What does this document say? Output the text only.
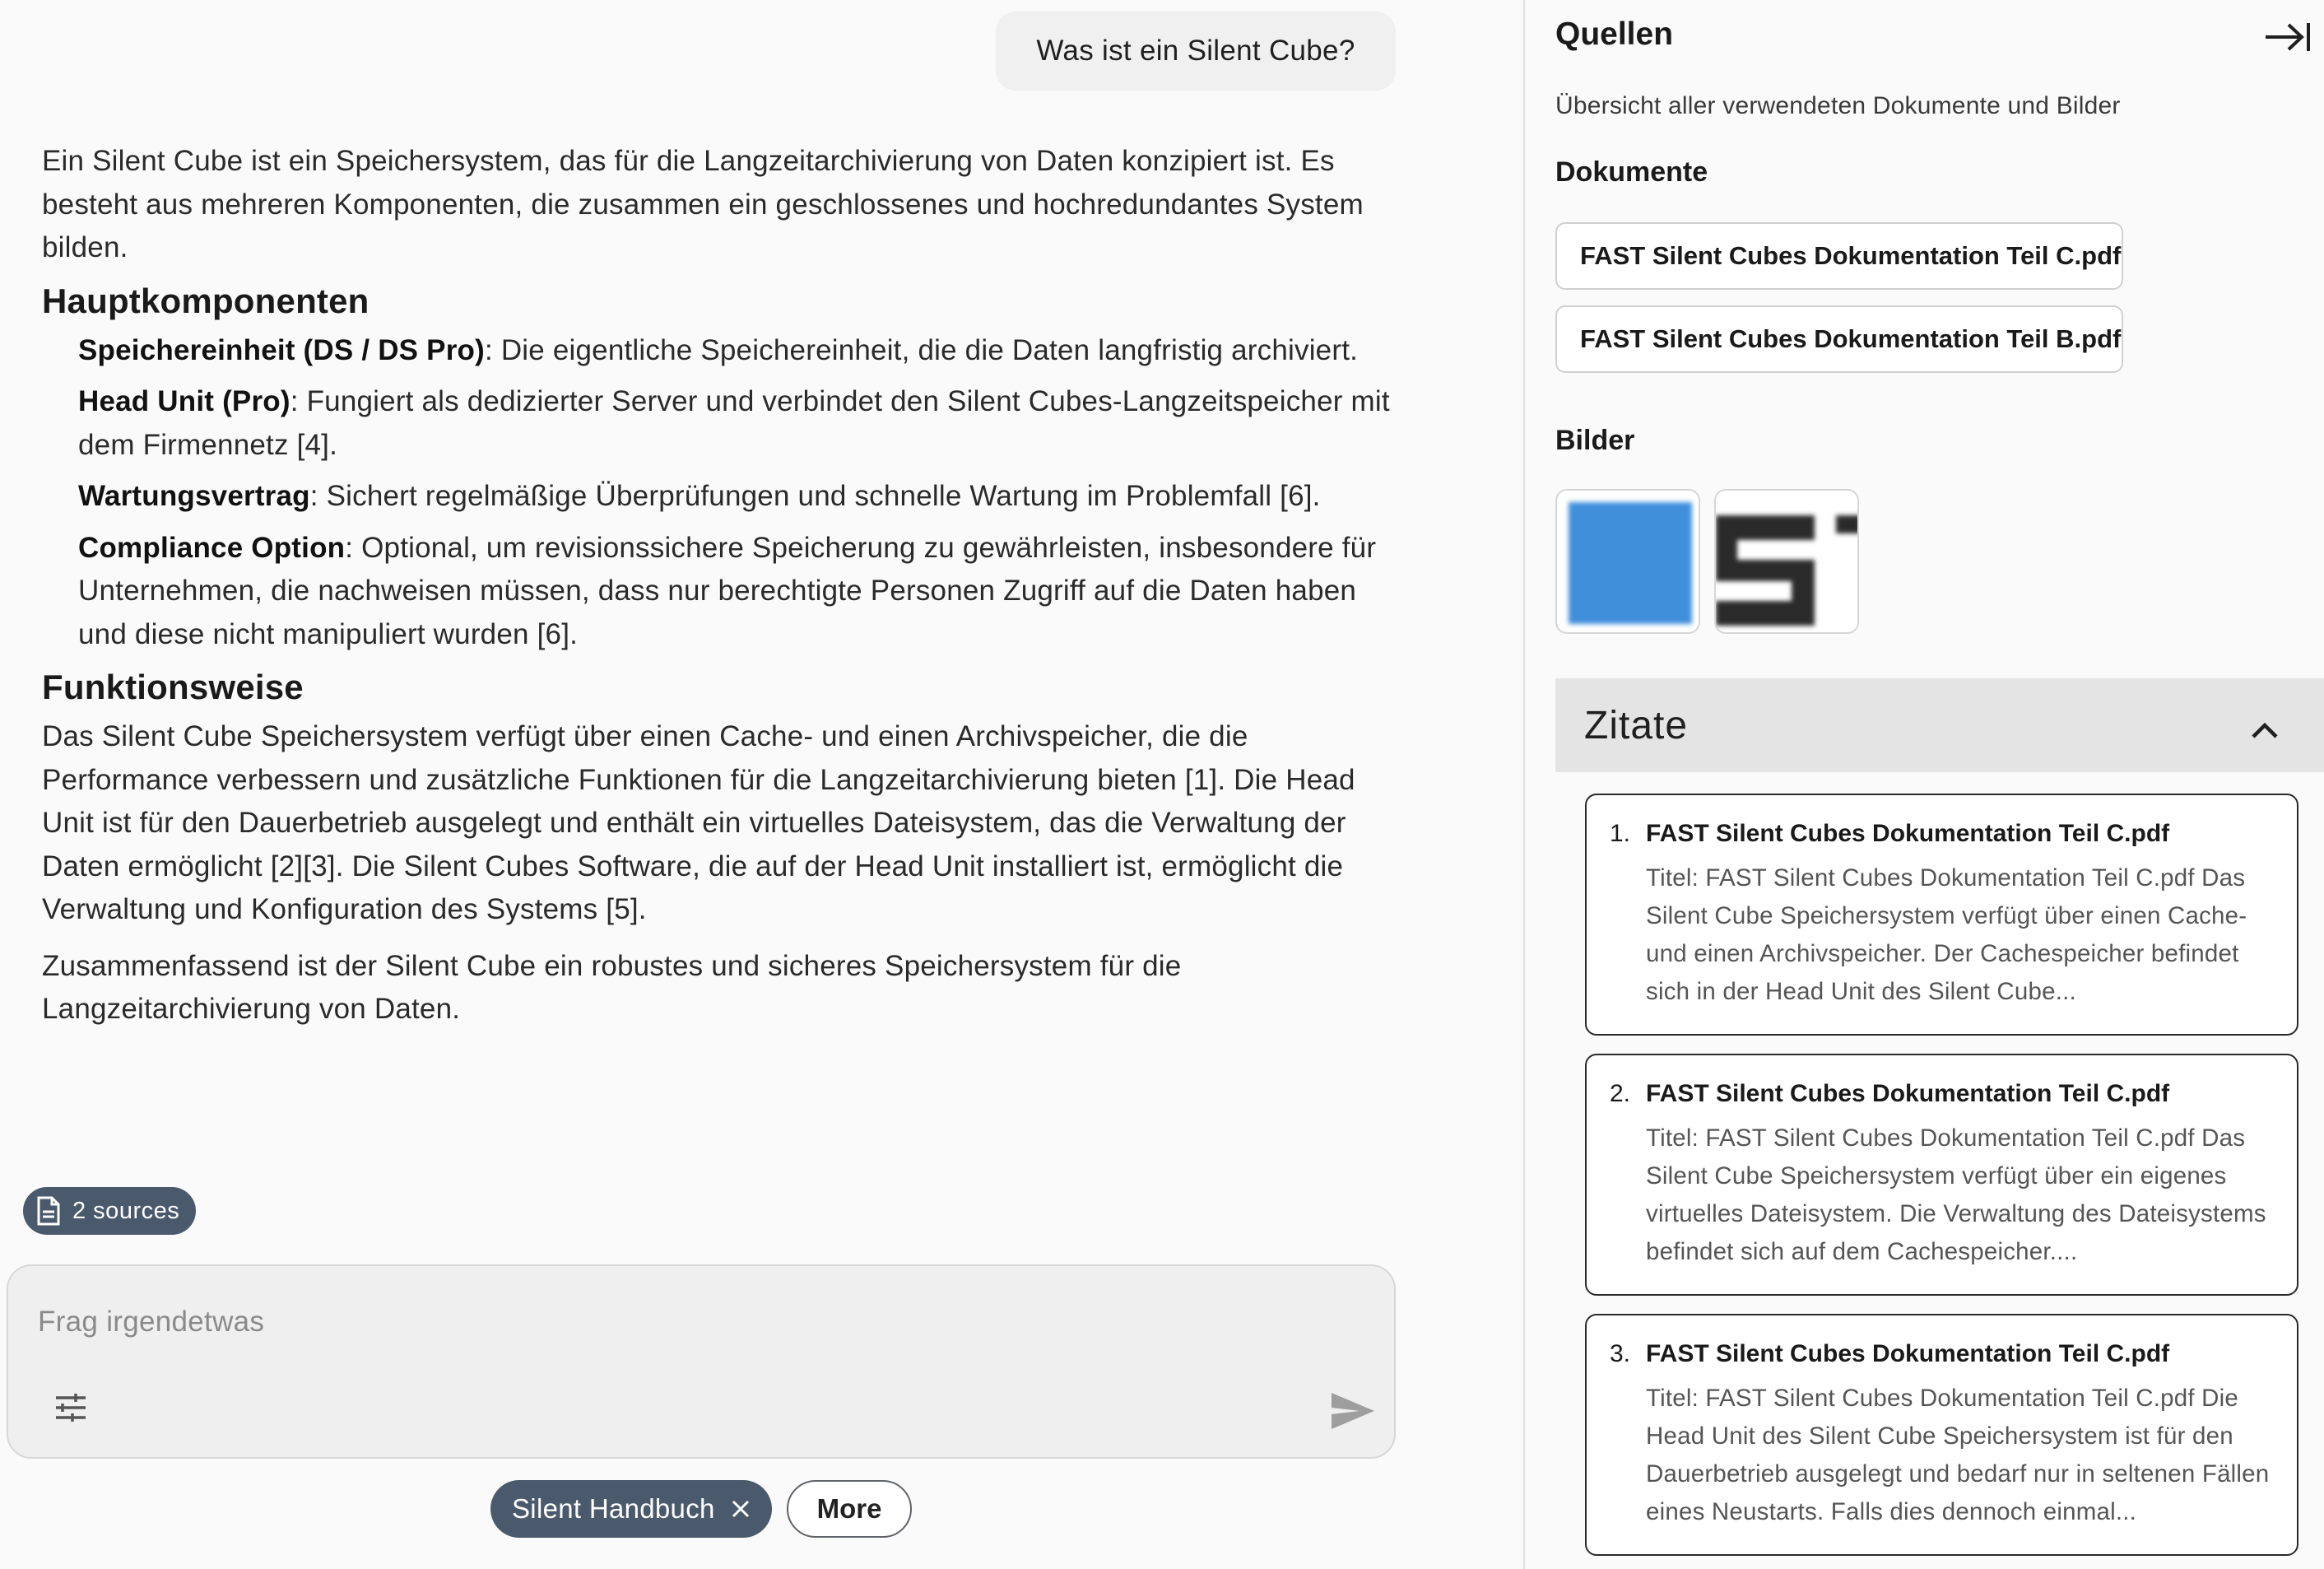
Was ist ein Silent Cube?

Ein Silent Cube ist ein Speichersystem, das für die Langzeitarchivierung von Daten konzipiert ist. Es besteht aus mehreren Komponenten, die zusammen ein geschlossenes und hochredundantes System bilden.

Hauptkomponenten
Speichereinheit (DS / DS Pro): Die eigentliche Speichereinheit, die die Daten langfristig archiviert.
Head Unit (Pro): Fungiert als dedizierter Server und verbindet den Silent Cubes-Langzeitspeicher mit dem Firmennetz [4].
Wartungsvertrag: Sichert regelmäßige Überprüfungen und schnelle Wartung im Problemfall [6].
Compliance Option: Optional, um revisionssichere Speicherung zu gewährleisten, insbesondere für Unternehmen, die nachweisen müssen, dass nur berechtigte Personen Zugriff auf die Daten haben und diese nicht manipuliert wurden [6].
Funktionsweise

Das Silent Cube Speichersystem verfügt über einen Cache- und einen Archivspeicher, die die Performance verbessern und zusätzliche Funktionen für die Langzeitarchivierung bieten [1]. Die Head Unit ist für den Dauerbetrieb ausgelegt und enthält ein virtuelles Dateisystem, das die Verwaltung der Daten ermöglicht [2][3]. Die Silent Cubes Software, die auf der Head Unit installiert ist, ermöglicht die Verwaltung und Konfiguration des Systems [5].

Zusammenfassend ist der Silent Cube ein robustes und sicheres Speichersystem für die Langzeitarchivierung von Daten.

2 sources
Frag irgendetwas
Silent Handbuch	More
Quellen
Übersicht aller verwendeten Dokumente und Bilder
Dokumente
FAST Silent Cubes Dokumentation Teil C.pdf
FAST Silent Cubes Dokumentation Teil B.pdf
Bilder
Zitate
1. FAST Silent Cubes Dokumentation Teil C.pdf
Titel: FAST Silent Cubes Dokumentation Teil C.pdf Das Silent Cube Speichersystem verfügt über einen Cache- und einen Archivspeicher. Der Cachespeicher befindet sich in der Head Unit des Silent Cube...
2. FAST Silent Cubes Dokumentation Teil C.pdf
Titel: FAST Silent Cubes Dokumentation Teil C.pdf Das Silent Cube Speichersystem verfügt über ein eigenes virtuelles Dateisystem. Die Verwaltung des Dateisystems befindet sich auf dem Cachespeicher....
3. FAST Silent Cubes Dokumentation Teil C.pdf
Titel: FAST Silent Cubes Dokumentation Teil C.pdf Die Head Unit des Silent Cube Speichersystem ist für den Dauerbetrieb ausgelegt und bedarf nur in seltenen Fällen eines Neustarts. Falls dies dennoch einmal...
